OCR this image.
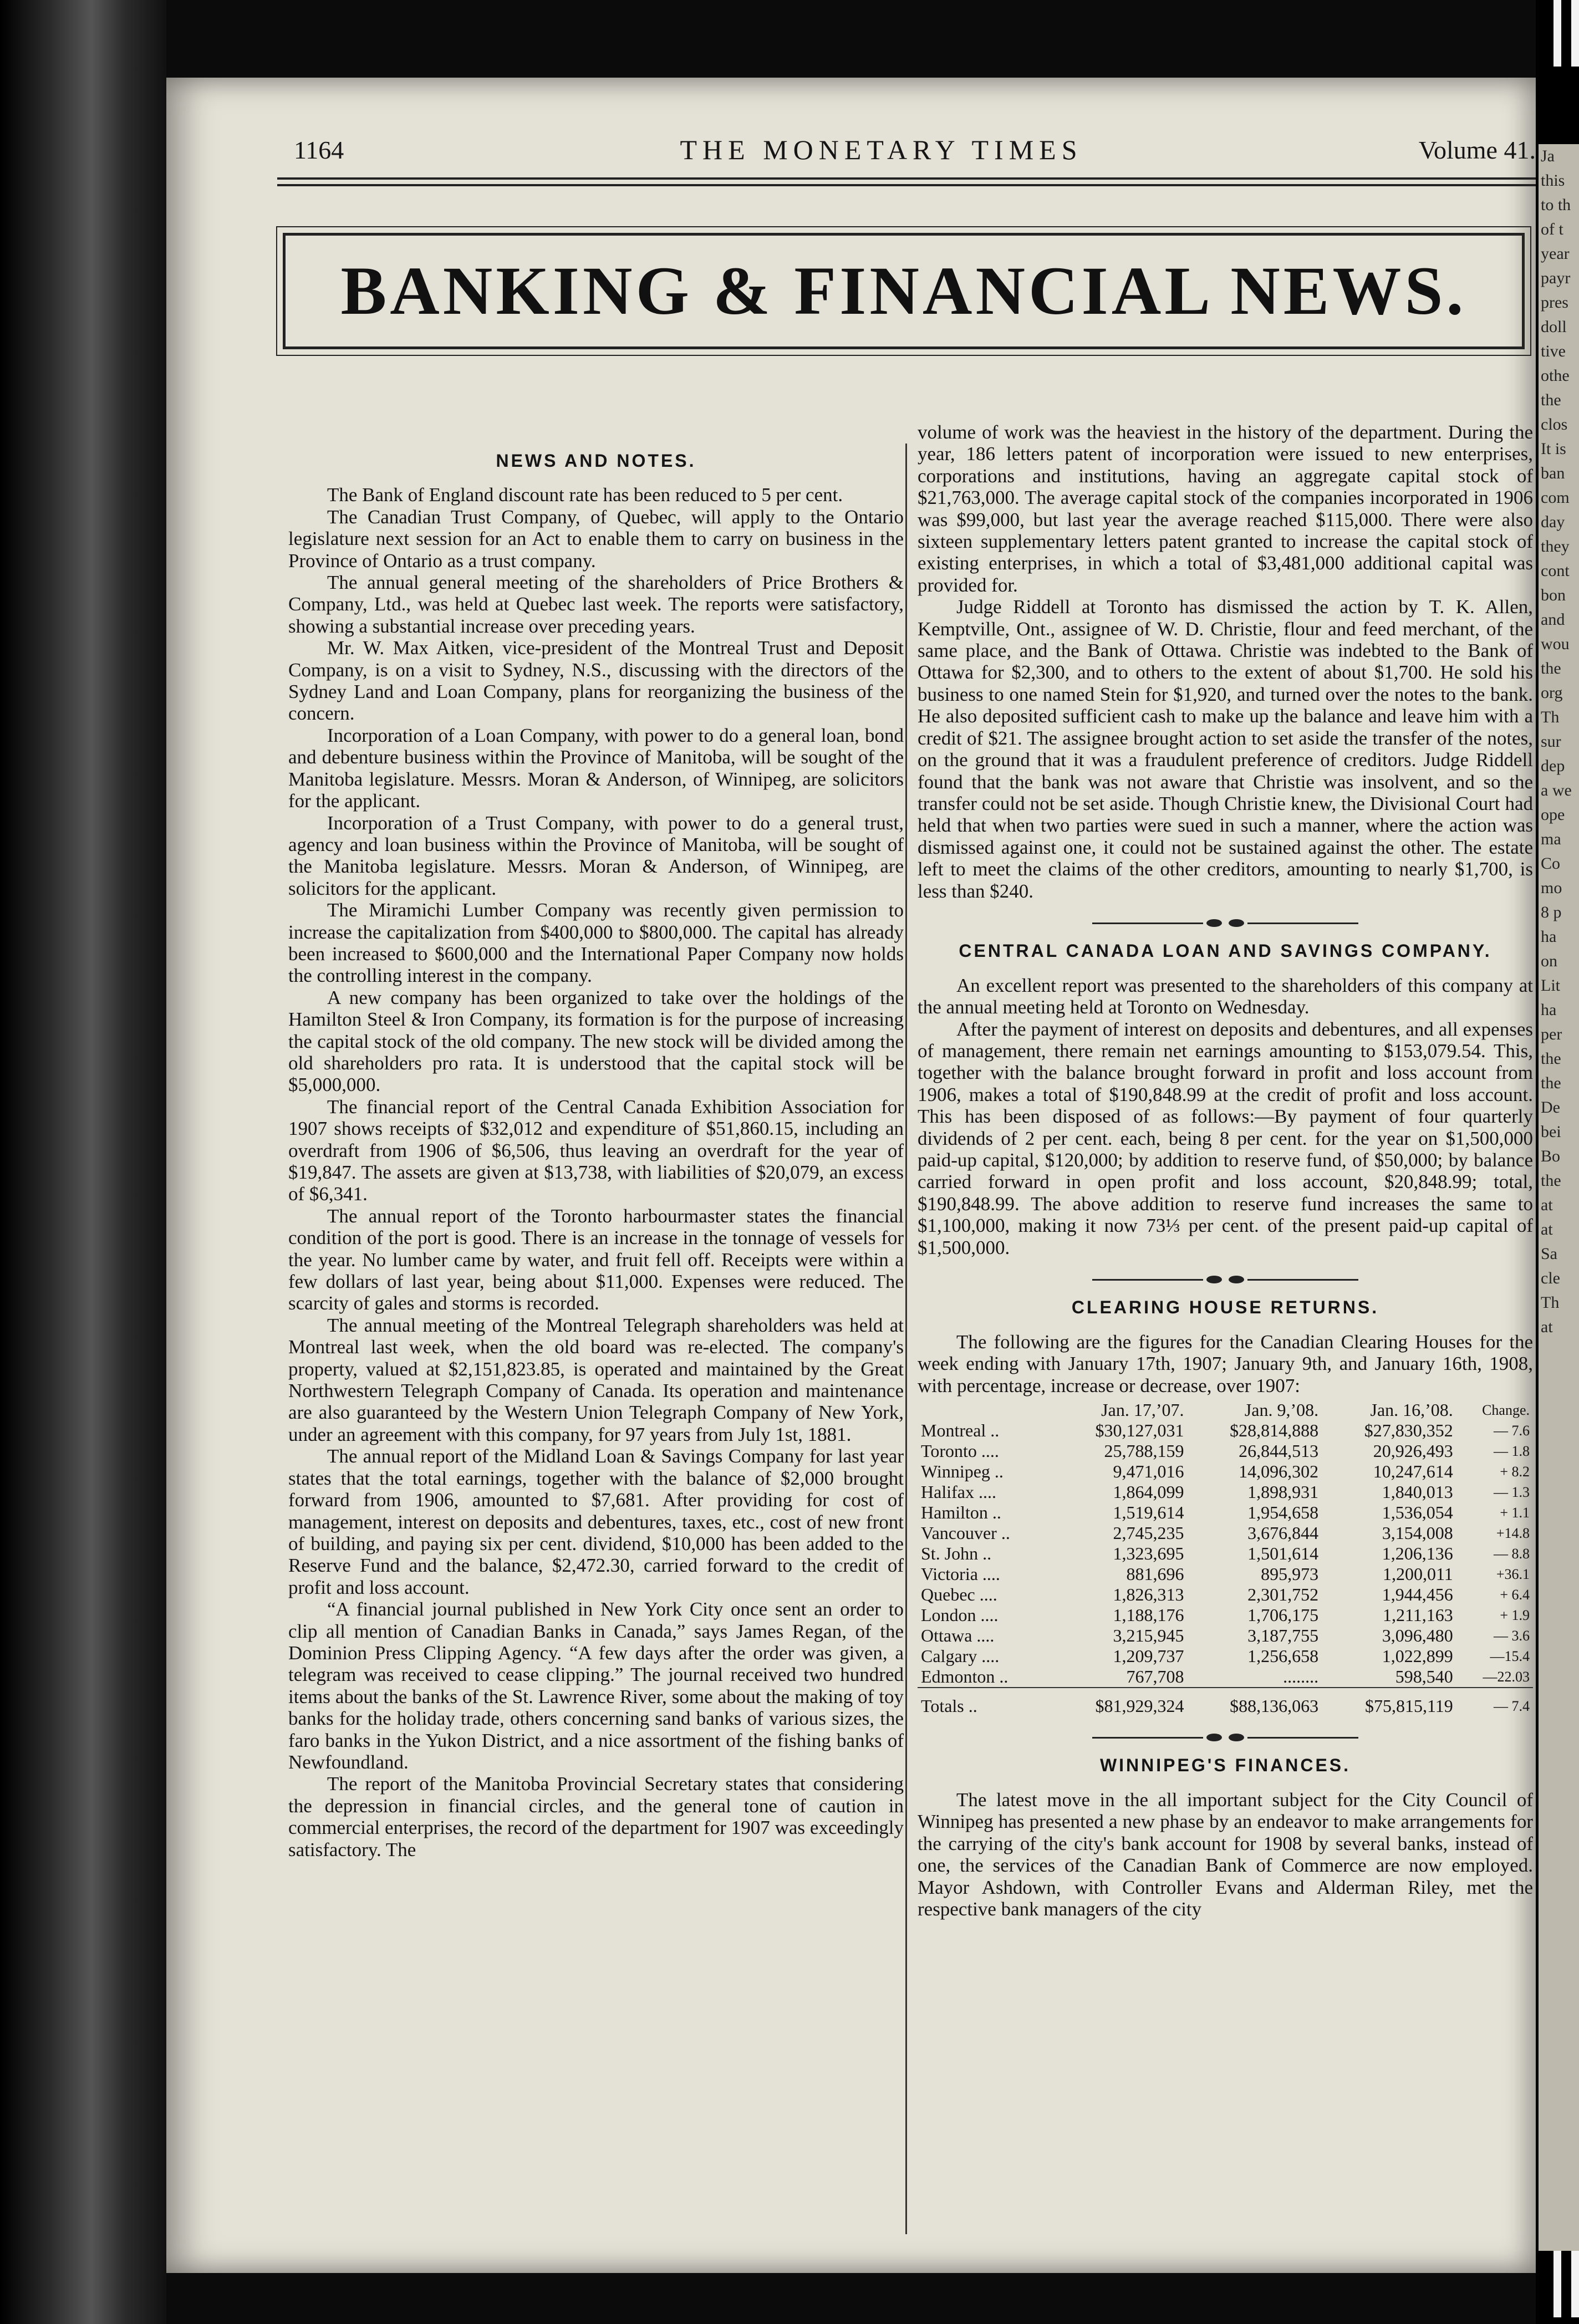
1164	THE MONETARY TIMES	Volume 41.
BANKING & FINANCIAL NEWS.
NEWS AND NOTES.

The Bank of England discount rate has been reduced to 5 per cent.

The Canadian Trust Company, of Quebec, will apply to the Ontario legislature next session for an Act to enable them to carry on business in the Province of Ontario as a trust company.

The annual general meeting of the shareholders of Price Brothers & Company, Ltd., was held at Quebec last week. The reports were satisfactory, showing a substantial increase over preceding years.

Mr. W. Max Aitken, vice-president of the Montreal Trust and Deposit Company, is on a visit to Sydney, N.S., discussing with the directors of the Sydney Land and Loan Company, plans for reorganizing the business of the concern.

Incorporation of a Loan Company, with power to do a general loan, bond and debenture business within the Province of Manitoba, will be sought of the Manitoba legislature. Messrs. Moran & Anderson, of Winnipeg, are solicitors for the applicant.

Incorporation of a Trust Company, with power to do a general trust, agency and loan business within the Province of Manitoba, will be sought of the Manitoba legislature. Messrs. Moran & Anderson, of Winnipeg, are solicitors for the applicant.

The Miramichi Lumber Company was recently given permission to increase the capitalization from $400,000 to $800,000. The capital has already been increased to $600,000 and the International Paper Company now holds the controlling interest in the company.

A new company has been organized to take over the holdings of the Hamilton Steel & Iron Company, its formation is for the purpose of increasing the capital stock of the old company. The new stock will be divided among the old shareholders pro rata. It is understood that the capital stock will be $5,000,000.

The financial report of the Central Canada Exhibition Association for 1907 shows receipts of $32,012 and expenditure of $51,860.15, including an overdraft from 1906 of $6,506, thus leaving an overdraft for the year of $19,847. The assets are given at $13,738, with liabilities of $20,079, an excess of $6,341.

The annual report of the Toronto harbourmaster states the financial condition of the port is good. There is an increase in the tonnage of vessels for the year. No lumber came by water, and fruit fell off. Receipts were within a few dollars of last year, being about $11,000. Expenses were reduced. The scarcity of gales and storms is recorded.

The annual meeting of the Montreal Telegraph shareholders was held at Montreal last week, when the old board was re-elected. The company's property, valued at $2,151,823.85, is operated and maintained by the Great Northwestern Telegraph Company of Canada. Its operation and maintenance are also guaranteed by the Western Union Telegraph Company of New York, under an agreement with this company, for 97 years from July 1st, 1881.

The annual report of the Midland Loan & Savings Company for last year states that the total earnings, together with the balance of $2,000 brought forward from 1906, amounted to $7,681. After providing for cost of management, interest on deposits and debentures, taxes, etc., cost of new front of building, and paying six per cent. dividend, $10,000 has been added to the Reserve Fund and the balance, $2,472.30, carried forward to the credit of profit and loss account.

“A financial journal published in New York City once sent an order to clip all mention of Canadian Banks in Canada,” says James Regan, of the Dominion Press Clipping Agency. “A few days after the order was given, a telegram was received to cease clipping.” The journal received two hundred items about the banks of the St. Lawrence River, some about the making of toy banks for the holiday trade, others concerning sand banks of various sizes, the faro banks in the Yukon District, and a nice assortment of the fishing banks of Newfoundland.

The report of the Manitoba Provincial Secretary states that considering the depression in financial circles, and the general tone of caution in commercial enterprises, the record of the department for 1907 was exceedingly satisfactory. The

volume of work was the heaviest in the history of the department. During the year, 186 letters patent of incorporation were issued to new enterprises, corporations and institutions, having an aggregate capital stock of $21,763,000. The average capital stock of the companies incorporated in 1906 was $99,000, but last year the average reached $115,000. There were also sixteen supplementary letters patent granted to increase the capital stock of existing enterprises, in which a total of $3,481,000 additional capital was provided for.

Judge Riddell at Toronto has dismissed the action by T. K. Allen, Kemptville, Ont., assignee of W. D. Christie, flour and feed merchant, of the same place, and the Bank of Ottawa. Christie was indebted to the Bank of Ottawa for $2,300, and to others to the extent of about $1,700. He sold his business to one named Stein for $1,920, and turned over the notes to the bank. He also deposited sufficient cash to make up the balance and leave him with a credit of $21. The assignee brought action to set aside the transfer of the notes, on the ground that it was a fraudulent preference of creditors. Judge Riddell found that the bank was not aware that Christie was insolvent, and so the transfer could not be set aside. Though Christie knew, the Divisional Court had held that when two parties were sued in such a manner, where the action was dismissed against one, it could not be sustained against the other. The estate left to meet the claims of the other creditors, amounting to nearly $1,700, is less than $240.

CENTRAL CANADA LOAN AND SAVINGS COMPANY.

An excellent report was presented to the shareholders of this company at the annual meeting held at Toronto on Wednesday.

After the payment of interest on deposits and debentures, and all expenses of management, there remain net earnings amounting to $153,079.54. This, together with the balance brought forward in profit and loss account from 1906, makes a total of $190,848.99 at the credit of profit and loss account. This has been disposed of as follows:—By payment of four quarterly dividends of 2 per cent. each, being 8 per cent. for the year on $1,500,000 paid-up capital, $120,000; by addition to reserve fund, of $50,000; by balance carried forward in open profit and loss account, $20,848.99; total, $190,848.99. The above addition to reserve fund increases the same to $1,100,000, making it now 73⅓ per cent. of the present paid-up capital of $1,500,000.

CLEARING HOUSE RETURNS.

The following are the figures for the Canadian Clearing Houses for the week ending with January 17th, 1907; January 9th, and January 16th, 1908, with percentage, increase or decrease, over 1907:

	Jan. 17,’07.	Jan. 9,’08.	Jan. 16,’08.	Change.
Montreal ..	$30,127,031	$28,814,888	$27,830,352	— 7.6
Toronto ....	25,788,159	26,844,513	20,926,493	— 1.8
Winnipeg ..	9,471,016	14,096,302	10,247,614	+ 8.2
Halifax ....	1,864,099	1,898,931	1,840,013	— 1.3
Hamilton ..	1,519,614	1,954,658	1,536,054	+ 1.1
Vancouver ..	2,745,235	3,676,844	3,154,008	+14.8
St. John ..	1,323,695	1,501,614	1,206,136	— 8.8
Victoria ....	881,696	895,973	1,200,011	+36.1
Quebec ....	1,826,313	2,301,752	1,944,456	+ 6.4
London ....	1,188,176	1,706,175	1,211,163	+ 1.9
Ottawa ....	3,215,945	3,187,755	3,096,480	— 3.6
Calgary ....	1,209,737	1,256,658	1,022,899	—15.4
Edmonton ..	767,708	........	598,540	—22.03
Totals ..	$81,929,324	$88,136,063	$75,815,119	— 7.4
WINNIPEG'S FINANCES.

The latest move in the all important subject for the City Council of Winnipeg has presented a new phase by an endeavor to make arrangements for the carrying of the city's bank account for 1908 by several banks, instead of one, the services of the Canadian Bank of Commerce are now employed. Mayor Ashdown, with Controller Evans and Alderman Riley, met the respective bank managers of the city

Ja
this
to th
of t
year
payr
pres
doll
tive
othe
the
clos
It is
ban
com
day
they
cont
bon
and
wou
the
org
Th
sur
dep
a we
ope
ma
Co
mo
8 p
ha
on
Lit
ha
per
the
the
De
bei
Bo
the
at
at
Sa
cle
Th
at
